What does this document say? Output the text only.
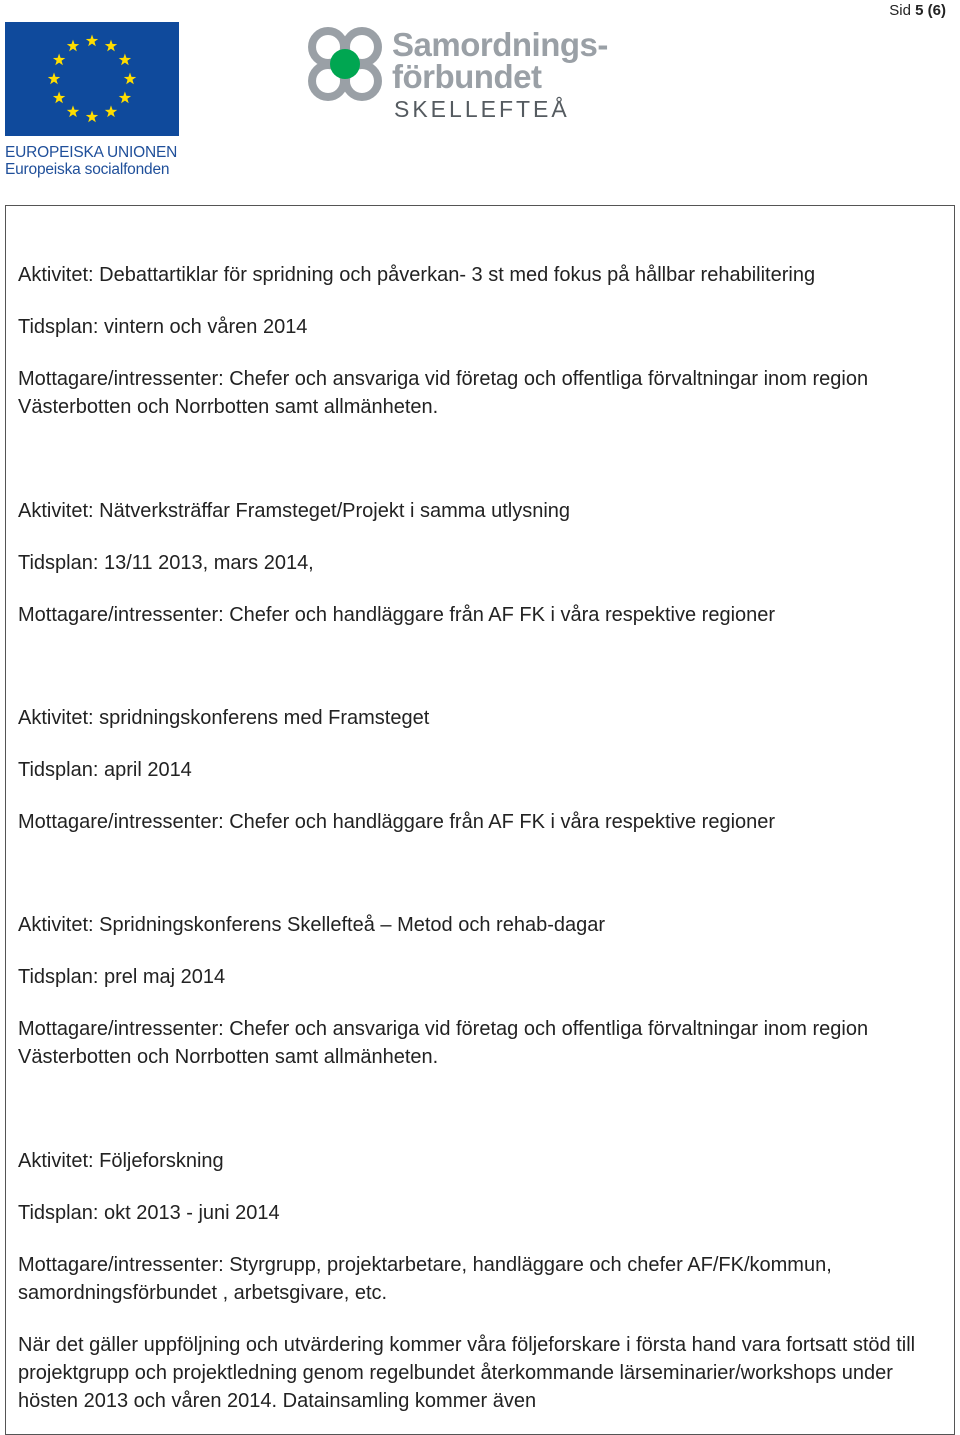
Sid 5 (6)
EUROPEISKA UNIONEN
Europeiska socialfonden
Samordnings-
förbundet
SKELLEFTEÅ

Aktivitet: Debattartiklar för spridning och påverkan- 3 st med fokus på hållbar rehabilitering

Tidsplan: vintern och våren 2014

Mottagare/intressenter: Chefer och ansvariga vid företag och offentliga förvaltningar inom region Västerbotten och Norrbotten samt allmänheten.

Aktivitet: Nätverksträffar Framsteget/Projekt i samma utlysning

Tidsplan: 13/11 2013, mars 2014,

Mottagare/intressenter: Chefer och handläggare från AF FK i våra respektive regioner

Aktivitet: spridningskonferens med Framsteget

Tidsplan: april 2014

Mottagare/intressenter: Chefer och handläggare från AF FK i våra respektive regioner

Aktivitet: Spridningskonferens Skellefteå – Metod och rehab-dagar

Tidsplan: prel maj 2014

Mottagare/intressenter: Chefer och ansvariga vid företag och offentliga förvaltningar inom region Västerbotten och Norrbotten samt allmänheten.

Aktivitet: Följeforskning

Tidsplan: okt 2013 - juni 2014

Mottagare/intressenter: Styrgrupp, projektarbetare, handläggare och chefer AF/FK/kommun, samordningsförbundet , arbetsgivare, etc.

När det gäller uppföljning och utvärdering kommer våra följeforskare i första hand vara fortsatt stöd till projektgrupp och projektledning genom regelbundet återkommande lärseminarier/workshops under hösten 2013 och våren 2014. Datainsamling kommer även
